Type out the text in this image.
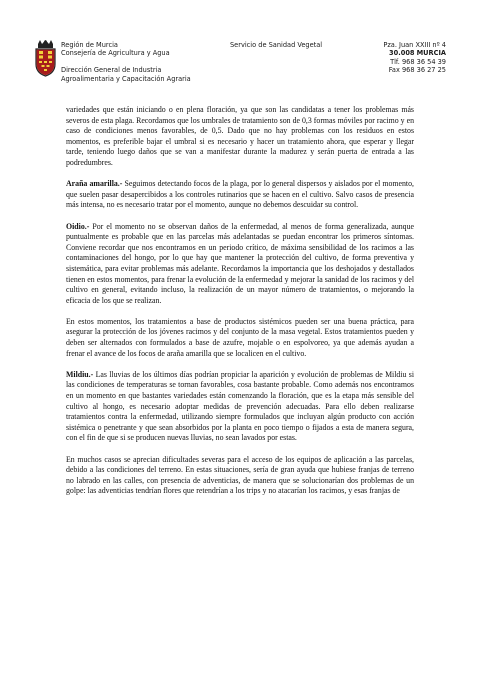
Región de Murcia
Consejería de Agricultura y Agua
Dirección General de Industria
Agroalimentaria y Capacitación Agraria
Servicio de Sanidad Vegetal	Pza. Juan XXIII nº 4
30.008 MURCIA
Tlf. 968 36 54 39
Fax 968 36 27 25

variedades que están iniciando o en plena floración, ya que son las candidatas a tener los problemas más severos de esta plaga. Recordamos que los umbrales de tratamiento son de 0,3 formas móviles por racimo y en caso de condiciones menos favorables, de 0,5. Dado que no hay problemas con los residuos en estos momentos, es preferible bajar el umbral si es necesario y hacer un tratamiento ahora, que esperar y llegar tarde, teniendo luego daños que se van a manifestar durante la madurez y serán puerta de entrada a las podredumbres.

Araña amarilla.- Seguimos detectando focos de la plaga, por lo general dispersos y aislados por el momento, que suelen pasar desapercibidos a los controles rutinarios que se hacen en el cultivo. Salvo casos de presencia más intensa, no es necesario tratar por el momento, aunque no debemos descuidar su control.

Oidio.- Por el momento no se observan daños de la enfermedad, al menos de forma generalizada, aunque puntualmente es probable que en las parcelas más adelantadas se puedan encontrar los primeros síntomas. Conviene recordar que nos encontramos en un periodo crítico, de máxima sensibilidad de los racimos a las contaminaciones del hongo, por lo que hay que mantener la protección del cultivo, de forma preventiva y sistemática, para evitar problemas más adelante. Recordamos la importancia que los deshojados y destallados tienen en estos momentos, para frenar la evolución de la enfermedad y mejorar la sanidad de los racimos y del cultivo en general, evitando incluso, la realización de un mayor número de tratamientos, o mejorando la eficacia de los que se realizan.

En estos momentos, los tratamientos a base de productos sistémicos pueden ser una buena práctica, para asegurar la protección de los jóvenes racimos y del conjunto de la masa vegetal. Estos tratamientos pueden y deben ser alternados con formulados a base de azufre, mojable o en espolvoreo, ya que además ayudan a frenar el avance de los focos de araña amarilla que se localicen en el cultivo.

Mildiu.- Las lluvias de los últimos días podrían propiciar la aparición y evolución de problemas de Mildiu si las condiciones de temperaturas se tornan favorables, cosa bastante probable. Como además nos encontramos en un momento en que bastantes variedades están comenzando la floración, que es la etapa más sensible del cultivo al hongo, es necesario adoptar medidas de prevención adecuadas. Para ello deben realizarse tratamientos contra la enfermedad, utilizando siempre formulados que incluyan algún producto con acción sistémica o penetrante y que sean absorbidos por la planta en poco tiempo o fijados a esta de manera segura, con el fin de que si se producen nuevas lluvias, no sean lavados por estas.

En muchos casos se aprecian dificultades severas para el acceso de los equipos de aplicación a las parcelas, debido a las condiciones del terreno. En estas situaciones, sería de gran ayuda que hubiese franjas de terreno no labrado en las calles, con presencia de adventicias, de manera que se solucionarían dos problemas de un golpe: las adventicias tendrían flores que retendrían a los trips y no atacarían los racimos, y esas franjas de
